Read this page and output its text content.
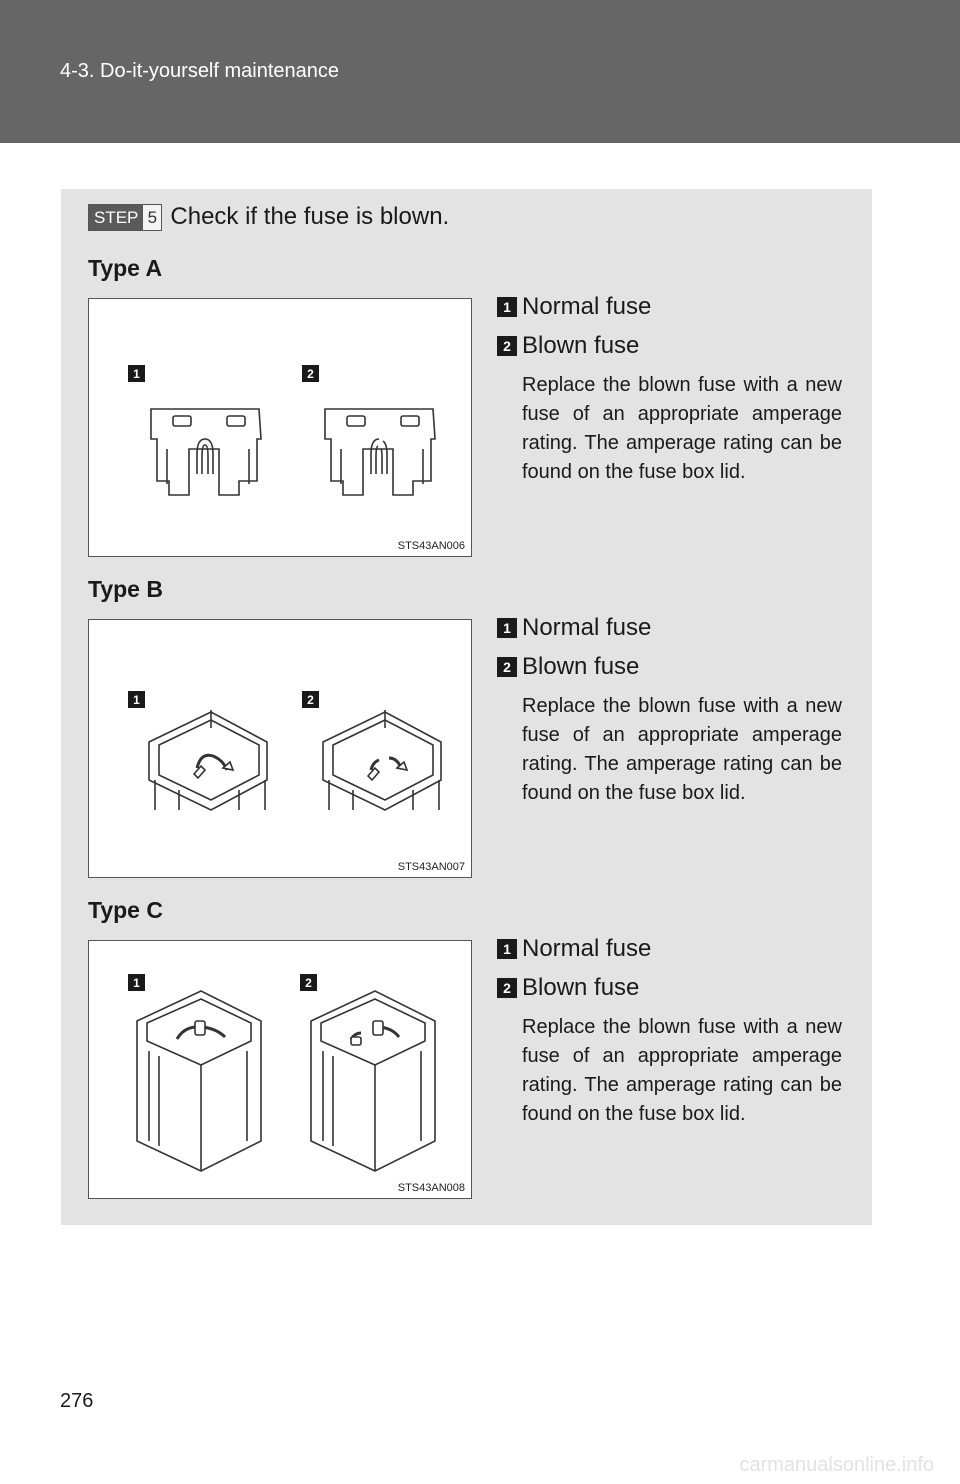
4-3. Do-it-yourself maintenance
STEP 5 Check if the fuse is blown.
Type A
1	2
STS43AN006
1 Normal fuse
2 Blown fuse
Replace the blown fuse with a new fuse of an appropriate amperage rating. The amperage rating can be found on the fuse box lid.
Type B
1	2
STS43AN007
1 Normal fuse
2 Blown fuse
Replace the blown fuse with a new fuse of an appropriate amperage rating. The amperage rating can be found on the fuse box lid.
Type C
1	2
STS43AN008
1 Normal fuse
2 Blown fuse
Replace the blown fuse with a new fuse of an appropriate amperage rating. The amperage rating can be found on the fuse box lid.
276
carmanualsonline.info
